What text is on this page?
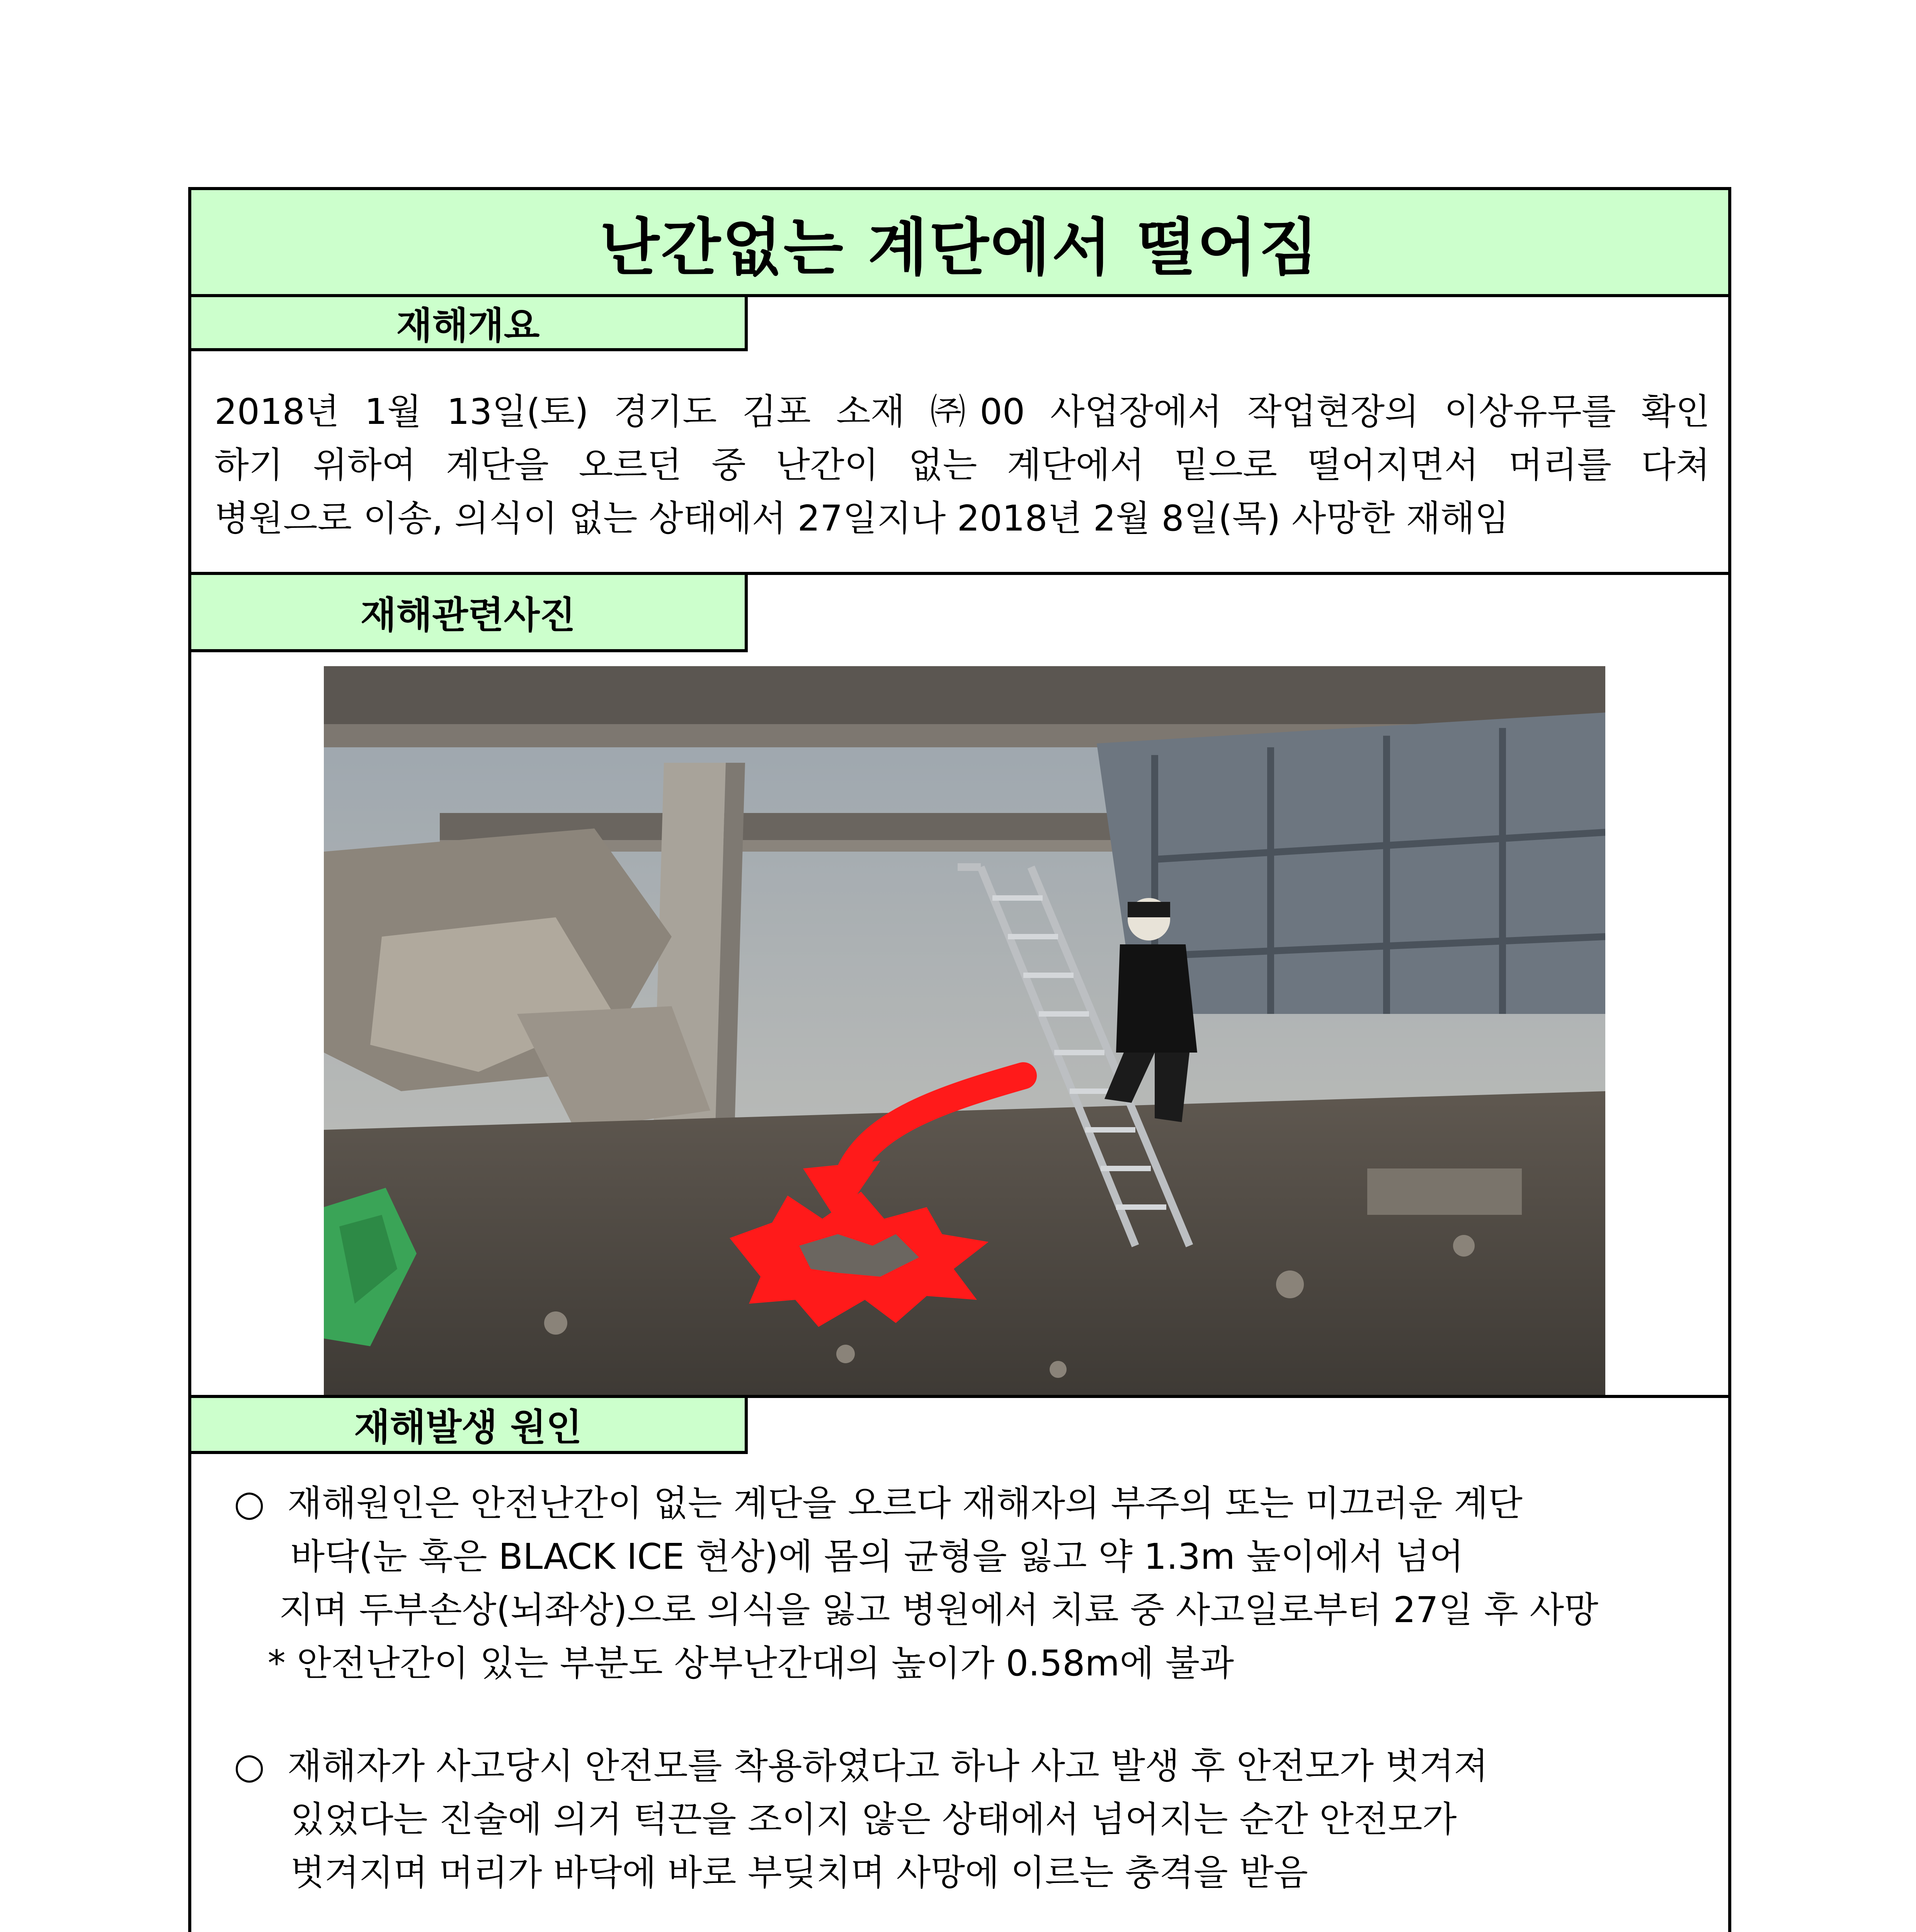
난간없는 계단에서 떨어짐
재해개요
2018년 1월 13일(토) 경기도 김포 소재 ㈜00 사업장에서 작업현장의 이상유무를 확인
하기 위하여 계단을 오르던 중 난간이 없는 계단에서 밑으로 떨어지면서 머리를 다쳐
병원으로 이송, 의식이 없는 상태에서 27일지나 2018년 2월 8일(목) 사망한 재해임
재해관련사진
재해발생 원인
○  재해원인은 안전난간이 없는 계단을 오르다 재해자의 부주의 또는 미끄러운 계단
바닥(눈 혹은 BLACK ICE 현상)에 몸의 균형을 잃고 약 1.3m 높이에서 넘어
지며 두부손상(뇌좌상)으로 의식을 잃고 병원에서 치료 중 사고일로부터 27일 후 사망
* 안전난간이 있는 부분도 상부난간대의 높이가 0.58m에 불과
○  재해자가 사고당시 안전모를 착용하였다고 하나 사고 발생 후 안전모가 벗겨져
있었다는 진술에 의거 턱끈을 조이지 않은 상태에서 넘어지는 순간 안전모가
벗겨지며 머리가 바닥에 바로 부딪치며 사망에 이르는 충격을 받음
